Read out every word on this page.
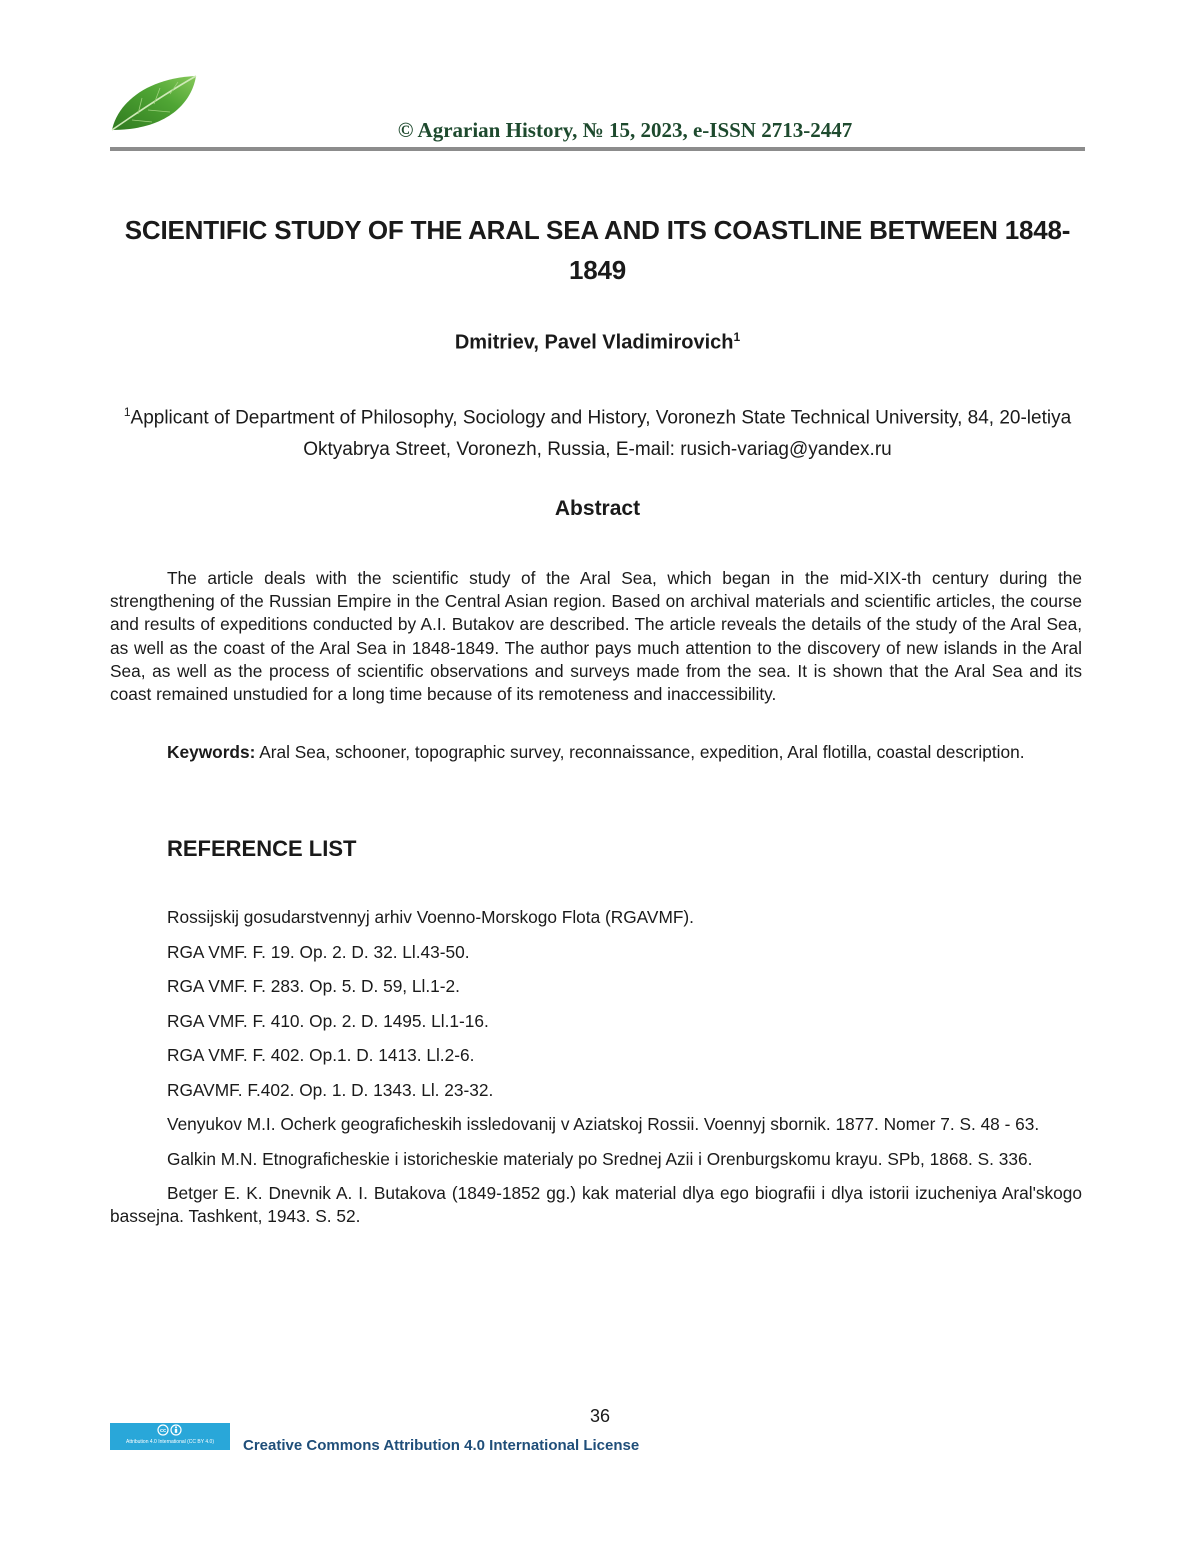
© Agrarian History, № 15, 2023, e-ISSN 2713-2447
SCIENTIFIC STUDY OF THE ARAL SEA AND ITS COASTLINE BETWEEN 1848-1849
Dmitriev, Pavel Vladimirovich$^1$
$^1$Applicant of Department of Philosophy, Sociology and History, Voronezh State Technical University, 84, 20-letiya Oktyabrya Street, Voronezh, Russia, E-mail: rusich-variag@yandex.ru
Abstract

The article deals with the scientific study of the Aral Sea, which began in the mid-XIX-th century during the strengthening of the Russian Empire in the Central Asian region. Based on archival materials and scientific articles, the course and results of expeditions conducted by A.I. Butakov are described. The article reveals the details of the study of the Aral Sea, as well as the coast of the Aral Sea in 1848-1849. The author pays much attention to the discovery of new islands in the Aral Sea, as well as the process of scientific observations and surveys made from the sea. It is shown that the Aral Sea and its coast remained unstudied for a long time because of its remoteness and inaccessibility.

Keywords: Aral Sea, schooner, topographic survey, reconnaissance, expedition, Aral flotilla, coastal description.

REFERENCE LIST
Rossijskij gosudarstvennyj arhiv Voenno-Morskogo Flota (RGAVMF).
RGA VMF. F. 19. Op. 2. D. 32. Ll.43-50.
RGA VMF. F. 283. Op. 5. D. 59, Ll.1-2.
RGA VMF. F. 410. Op. 2. D. 1495. Ll.1-16.
RGA VMF. F. 402. Op.1. D. 1413. Ll.2-6.
RGAVMF. F.402. Op. 1. D. 1343. Ll. 23-32.
Venyukov M.I. Ocherk geograficheskih issledovanij v Aziatskoj Rossii. Voennyj sbornik. 1877. Nomer 7. S. 48 - 63.
Galkin M.N. Etnograficheskie i istoricheskie materialy po Srednej Azii i Orenburgskomu krayu. SPb, 1868. S. 336.
Betger E. K. Dnevnik A. I. Butakova (1849-1852 gg.) kak material dlya ego biografii i dlya istorii izucheniya Aral'skogo bassejna. Tashkent, 1943. S. 52.
36
cc
Attribution 4.0 International (CC BY 4.0)	Creative Commons Attribution 4.0 International License
